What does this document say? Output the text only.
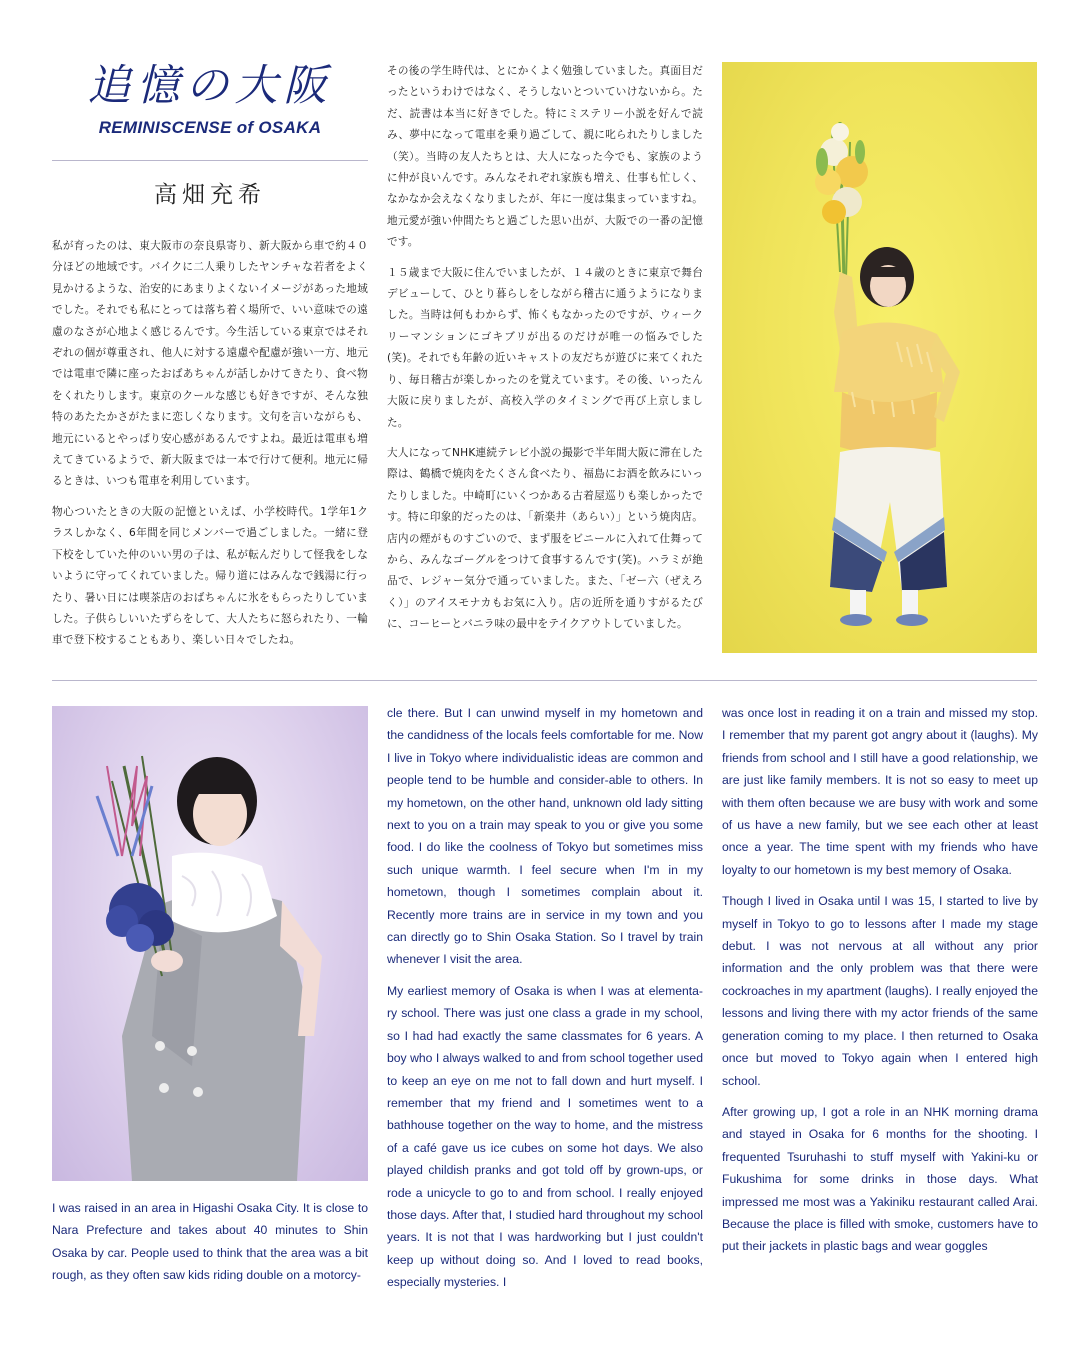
追憶の大阪
REMINISCENSE of OSAKA
高畑充希

私が育ったのは、東大阪市の奈良県寄り、新大阪から車で約４０分ほどの地域です。バイクに二人乗りしたヤンチャな若者をよく見かけるような、治安的にあまりよくないイメージがあった地域でした。それでも私にとっては落ち着く場所で、いい意味での遠慮のなさが心地よく感じるんです。今生活している東京ではそれぞれの個が尊重され、他人に対する遠慮や配慮が強い一方、地元では電車で隣に座ったおばあちゃんが話しかけてきたり、食べ物をくれたりします。東京のクールな感じも好きですが、そんな独特のあたたかさがたまに恋しくなります。文句を言いながらも、地元にいるとやっぱり安心感があるんですよね。最近は電車も増えてきているようで、新大阪までは一本で行けて便利。地元に帰るときは、いつも電車を利用しています。

物心ついたときの大阪の記憶といえば、小学校時代。1学年1クラスしかなく、6年間を同じメンバーで過ごしました。一緒に登下校をしていた仲のいい男の子は、私が転んだりして怪我をしないように守ってくれていました。帰り道にはみんなで銭湯に行ったり、暑い日には喫茶店のおばちゃんに氷をもらったりしていました。子供らしいいたずらをして、大人たちに怒られたり、一輪車で登下校することもあり、楽しい日々でしたね。

その後の学生時代は、とにかくよく勉強していました。真面目だったというわけではなく、そうしないとついていけないから。ただ、読書は本当に好きでした。特にミステリー小説を好んで読み、夢中になって電車を乗り過ごして、親に叱られたりしました（笑）。当時の友人たちとは、大人になった今でも、家族のように仲が良いんです。みんなそれぞれ家族も増え、仕事も忙しく、なかなか会えなくなりましたが、年に一度は集まっていますね。地元愛が強い仲間たちと過ごした思い出が、大阪での一番の記憶です。

１５歳まで大阪に住んでいましたが、１４歳のときに東京で舞台デビューして、ひとり暮らしをしながら稽古に通うようになりました。当時は何もわからず、怖くもなかったのですが、ウィークリーマンションにゴキブリが出るのだけが唯一の悩みでした(笑)。それでも年齢の近いキャストの友だちが遊びに来てくれたり、毎日稽古が楽しかったのを覚えています。その後、いったん大阪に戻りましたが、高校入学のタイミングで再び上京しました。

大人になってNHK連続テレビ小説の撮影で半年間大阪に滞在した際は、鶴橋で焼肉をたくさん食べたり、福島にお酒を飲みにいったりしました。中崎町にいくつかある古着屋巡りも楽しかったです。特に印象的だったのは、「新楽井（あらい）」という焼肉店。店内の煙がものすごいので、まず服をビニールに入れて仕舞ってから、みんなゴーグルをつけて食事するんです(笑)。ハラミが絶品で、レジャー気分で通っていました。また、「ゼー六（ぜえろく）」のアイスモナカもお気に入り。店の近所を通りすがるたびに、コーヒーとバニラ味の最中をテイクアウトしていました。

I was raised in an area in Higashi Osaka City. It is close to Nara Prefecture and takes about 40 minutes to Shin Osaka by car. People used to think that the area was a bit rough, as they often saw kids riding double on a motorcy-

cle there. But I can unwind myself in my hometown and the candidness of the locals feels comfortable for me. Now I live in Tokyo where individualistic ideas are common and people tend to be humble and consider-able to others. In my hometown, on the other hand, unknown old lady sitting next to you on a train may speak to you or give you some food. I do like the coolness of Tokyo but sometimes miss such unique warmth. I feel secure when I'm in my hometown, though I sometimes complain about it. Recently more trains are in service in my town and you can directly go to Shin Osaka Station. So I travel by train whenever I visit the area.

My earliest memory of Osaka is when I was at elementa-ry school. There was just one class a grade in my school, so I had had exactly the same classmates for 6 years. A boy who I always walked to and from school together used to keep an eye on me not to fall down and hurt myself. I remember that my friend and I sometimes went to a bathhouse together on the way to home, and the mistress of a café gave us ice cubes on some hot days. We also played childish pranks and got told off by grown-ups, or rode a unicycle to go to and from school. I really enjoyed those days. After that, I studied hard throughout my school years. It is not that I was hardworking but I just couldn't keep up without doing so. And I loved to read books, especially mysteries. I

was once lost in reading it on a train and missed my stop. I remember that my parent got angry about it (laughs). My friends from school and I still have a good relationship, we are just like family members. It is not so easy to meet up with them often because we are busy with work and some of us have a new family, but we see each other at least once a year. The time spent with my friends who have loyalty to our hometown is my best memory of Osaka.

Though I lived in Osaka until I was 15, I started to live by myself in Tokyo to go to lessons after I made my stage debut. I was not nervous at all without any prior information and the only problem was that there were cockroaches in my apartment (laughs). I really enjoyed the lessons and living there with my actor friends of the same generation coming to my place. I then returned to Osaka once but moved to Tokyo again when I entered high school.

After growing up, I got a role in an NHK morning drama and stayed in Osaka for 6 months for the shooting. I frequented Tsuruhashi to stuff myself with Yakini-ku or Fukushima for some drinks in those days. What impressed me most was a Yakiniku restaurant called Arai. Because the place is filled with smoke, customers have to put their jackets in plastic bags and wear goggles
